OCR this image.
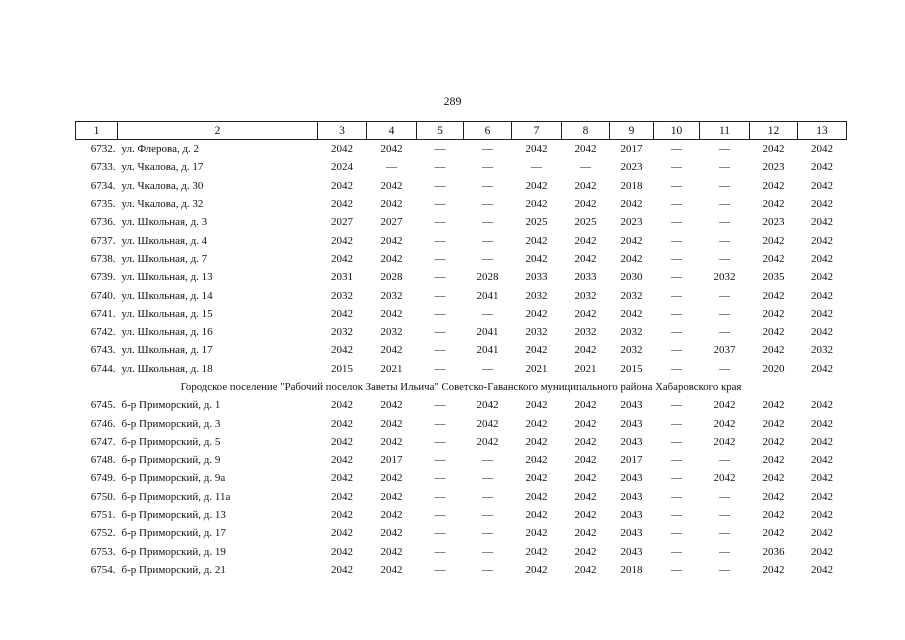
289
1	2	3	4	5	6	7	8	9	10	11	12	13
6732.	ул. Флерова, д. 2	2042	2042	—	—	2042	2042	2017	—	—	2042	2042
6733.	ул. Чкалова, д. 17	2024	—	—	—	—	—	2023	—	—	2023	2042
6734.	ул. Чкалова, д. 30	2042	2042	—	—	2042	2042	2018	—	—	2042	2042
6735.	ул. Чкалова, д. 32	2042	2042	—	—	2042	2042	2042	—	—	2042	2042
6736.	ул. Школьная, д. 3	2027	2027	—	—	2025	2025	2023	—	—	2023	2042
6737.	ул. Школьная, д. 4	2042	2042	—	—	2042	2042	2042	—	—	2042	2042
6738.	ул. Школьная, д. 7	2042	2042	—	—	2042	2042	2042	—	—	2042	2042
6739.	ул. Школьная, д. 13	2031	2028	—	2028	2033	2033	2030	—	2032	2035	2042
6740.	ул. Школьная, д. 14	2032	2032	—	2041	2032	2032	2032	—	—	2042	2042
6741.	ул. Школьная, д. 15	2042	2042	—	—	2042	2042	2042	—	—	2042	2042
6742.	ул. Школьная, д. 16	2032	2032	—	2041	2032	2032	2032	—	—	2042	2042
6743.	ул. Школьная, д. 17	2042	2042	—	2041	2042	2042	2032	—	2037	2042	2032
6744.	ул. Школьная, д. 18	2015	2021	—	—	2021	2021	2015	—	—	2020	2042
Городское поселение "Рабочий поселок Заветы Ильича" Советско-Гаванского муниципального района Хабаровского края												
6745.	б-р Приморский, д. 1	2042	2042	—	2042	2042	2042	2043	—	2042	2042	2042
6746.	б-р Приморский, д. 3	2042	2042	—	2042	2042	2042	2043	—	2042	2042	2042
6747.	б-р Приморский, д. 5	2042	2042	—	2042	2042	2042	2043	—	2042	2042	2042
6748.	б-р Приморский, д. 9	2042	2017	—	—	2042	2042	2017	—	—	2042	2042
6749.	б-р Приморский, д. 9а	2042	2042	—	—	2042	2042	2043	—	2042	2042	2042
6750.	б-р Приморский, д. 11а	2042	2042	—	—	2042	2042	2043	—	—	2042	2042
6751.	б-р Приморский, д. 13	2042	2042	—	—	2042	2042	2043	—	—	2042	2042
6752.	б-р Приморский, д. 17	2042	2042	—	—	2042	2042	2043	—	—	2042	2042
6753.	б-р Приморский, д. 19	2042	2042	—	—	2042	2042	2043	—	—	2036	2042
6754.	б-р Приморский, д. 21	2042	2042	—	—	2042	2042	2018	—	—	2042	2042
